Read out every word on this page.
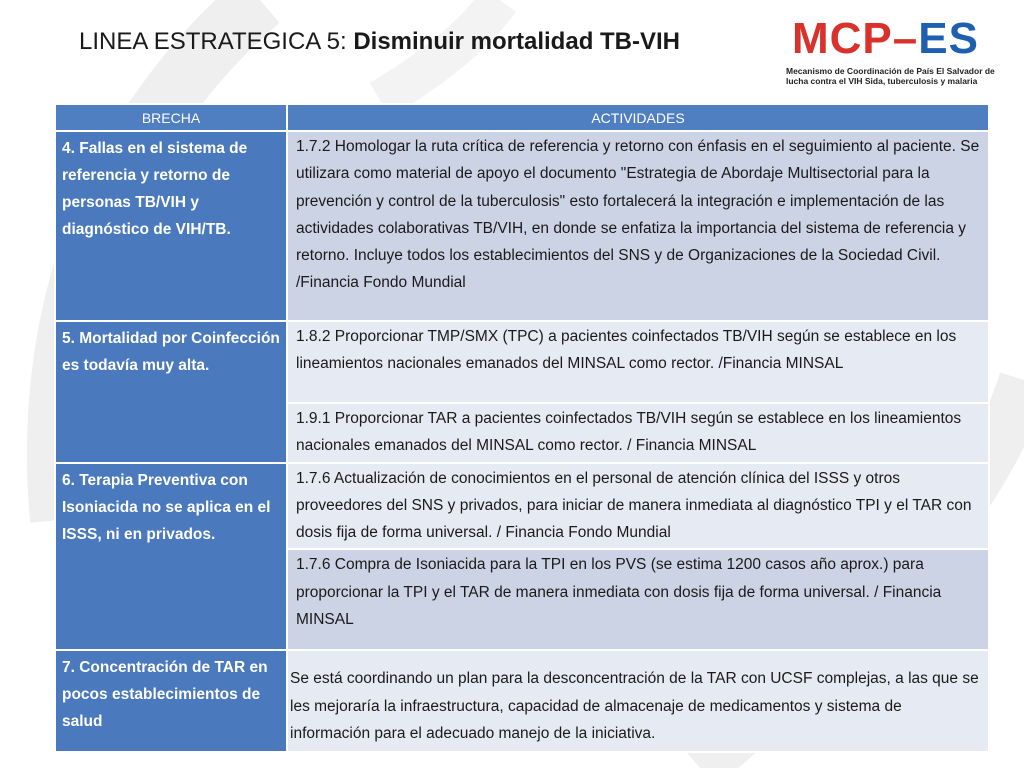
LINEA ESTRATEGICA 5: Disminuir mortalidad TB-VIH	MCP–ES
Mecanismo de Coordinación de País El Salvador de lucha contra el VIH Sida, tuberculosis y malaria
BRECHA	ACTIVIDADES
4. Fallas en el sistema de referencia y retorno de personas TB/VIH y diagnóstico de VIH/TB.	1.7.2 Homologar la ruta crítica de referencia y retorno con énfasis en el seguimiento al paciente. Se utilizara como material de apoyo el documento "Estrategia de Abordaje Multisectorial para la prevención y control de la tuberculosis" esto fortalecerá la integración e implementación de las actividades colaborativas TB/VIH, en donde se enfatiza la importancia del sistema de referencia y retorno. Incluye todos los establecimientos del SNS y de Organizaciones de la Sociedad Civil. /Financia Fondo Mundial
5. Mortalidad por Coinfección es todavía muy alta.	1.8.2 Proporcionar TMP/SMX (TPC) a pacientes coinfectados TB/VIH según se establece en los lineamientos nacionales emanados del MINSAL como rector. /Financia MINSAL
	1.9.1 Proporcionar TAR a pacientes coinfectados TB/VIH según se establece en los lineamientos nacionales emanados del MINSAL como rector. / Financia MINSAL
6. Terapia Preventiva con Isoniacida no se aplica en el ISSS, ni en privados.	1.7.6 Actualización de conocimientos en el personal de atención clínica del ISSS y otros proveedores del SNS y privados, para iniciar de manera inmediata al diagnóstico TPI y el TAR con dosis fija de forma universal. / Financia Fondo Mundial
	1.7.6 Compra de Isoniacida para la TPI en los PVS (se estima 1200 casos año aprox.) para proporcionar la TPI y el TAR de manera inmediata con dosis fija de forma universal. / Financia MINSAL
7. Concentración de TAR en pocos establecimientos de salud	Se está coordinando un plan para la desconcentración de la TAR con UCSF complejas, a las que se les mejoraría la infraestructura, capacidad de almacenaje de medicamentos y sistema de información para el adecuado manejo de la iniciativa.
